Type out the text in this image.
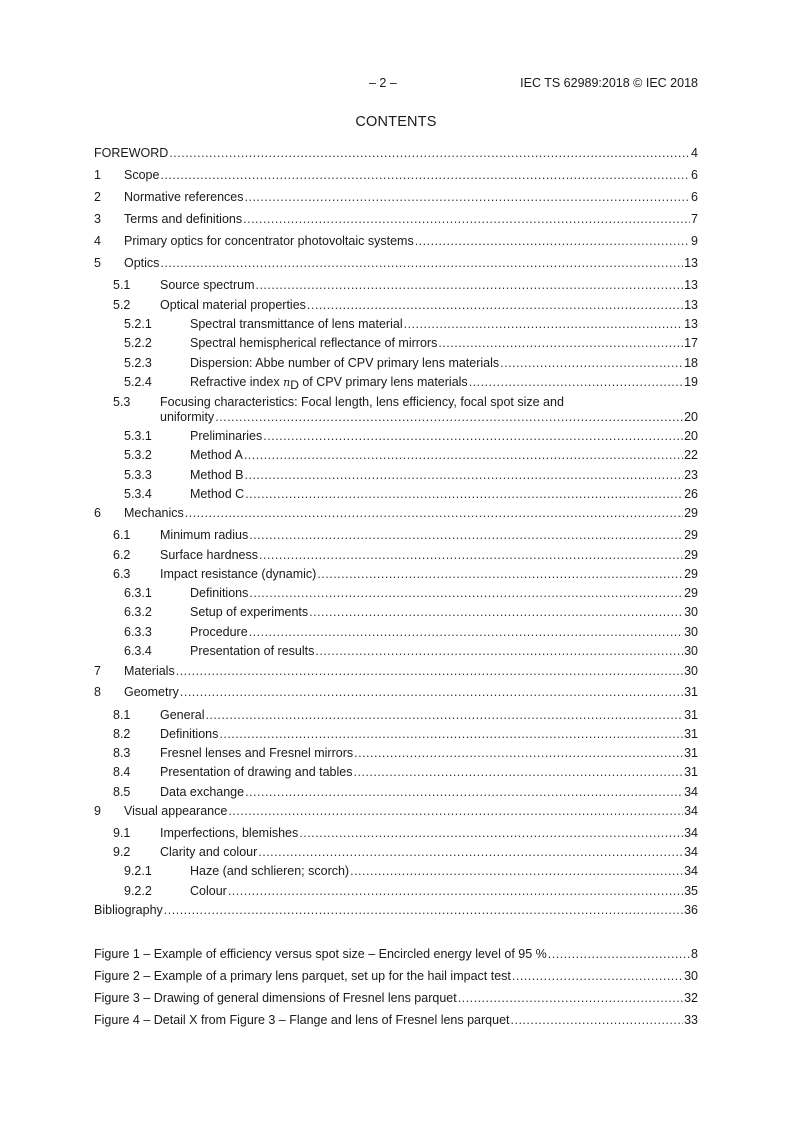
– 2 –	IEC TS 62989:2018 © IEC 2018
CONTENTS
FOREWORD .....	4
1 Scope .....	6
2 Normative references .....	6
3 Terms and definitions .....	7
4 Primary optics for concentrator photovoltaic systems .....	9
5 Optics .....	13
5.1 Source spectrum .....	13
5.2 Optical material properties .....	13
5.2.1	Spectral transmittance of lens material .....	13
5.2.2	Spectral hemispherical reflectance of mirrors .....	17
5.2.3	Dispersion: Abbe number of CPV primary lens materials .....	18
5.2.4	Refractive index nD of CPV primary lens materials .....	19
5.3 Focusing characteristics: Focal length, lens efficiency, focal spot size and
uniformity .....	20
5.3.1	Preliminaries .....	20
5.3.2	Method A .....	22
5.3.3	Method B .....	23
5.3.4	Method C .....	26
6 Mechanics .....	29
6.1 Minimum radius .....	29
6.2 Surface hardness .....	29
6.3 Impact resistance (dynamic) .....	29
6.3.1	Definitions .....	29
6.3.2	Setup of experiments .....	30
6.3.3	Procedure .....	30
6.3.4	Presentation of results .....	30
7 Materials .....	30
8 Geometry .....	31
8.1 General .....	31
8.2 Definitions .....	31
8.3 Fresnel lenses and Fresnel mirrors .....	31
8.4 Presentation of drawing and tables .....	31
8.5 Data exchange .....	34
9 Visual appearance .....	34
9.1 Imperfections, blemishes .....	34
9.2 Clarity and colour .....	34
9.2.1	Haze (and schlieren; scorch) .....	34
9.2.2	Colour .....	35
Bibliography .....	36
Figure 1 – Example of efficiency versus spot size – Encircled energy level of 95 % .....	8
Figure 2 – Example of a primary lens parquet, set up for the hail impact test .....	30
Figure 3 – Drawing of general dimensions of Fresnel lens parquet .....	32
Figure 4 – Detail X from Figure 3 – Flange and lens of Fresnel lens parquet .....	33
